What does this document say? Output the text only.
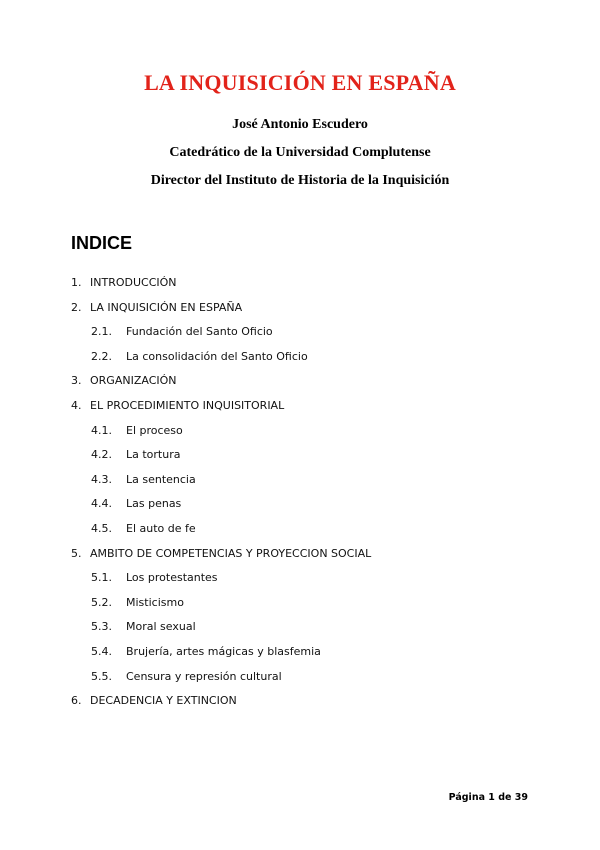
LA INQUISICIÓN EN ESPAÑA

José Antonio Escudero

Catedrático de la Universidad Complutense

Director del Instituto de Historia de la Inquisición

INDICE
1. INTRODUCCIÓN
2. LA INQUISICIÓN EN ESPAÑA
2.1. Fundación del Santo Oficio
2.2. La consolidación del Santo Oficio
3. ORGANIZACIÓN
4. EL PROCEDIMIENTO INQUISITORIAL
4.1. El proceso
4.2. La tortura
4.3. La sentencia
4.4. Las penas
4.5. El auto de fe
5. AMBITO DE COMPETENCIAS Y PROYECCION SOCIAL
5.1. Los protestantes
5.2. Misticismo
5.3. Moral sexual
5.4. Brujería, artes mágicas y blasfemia
5.5. Censura y represión cultural
6. DECADENCIA Y EXTINCION

Página 1 de 39
